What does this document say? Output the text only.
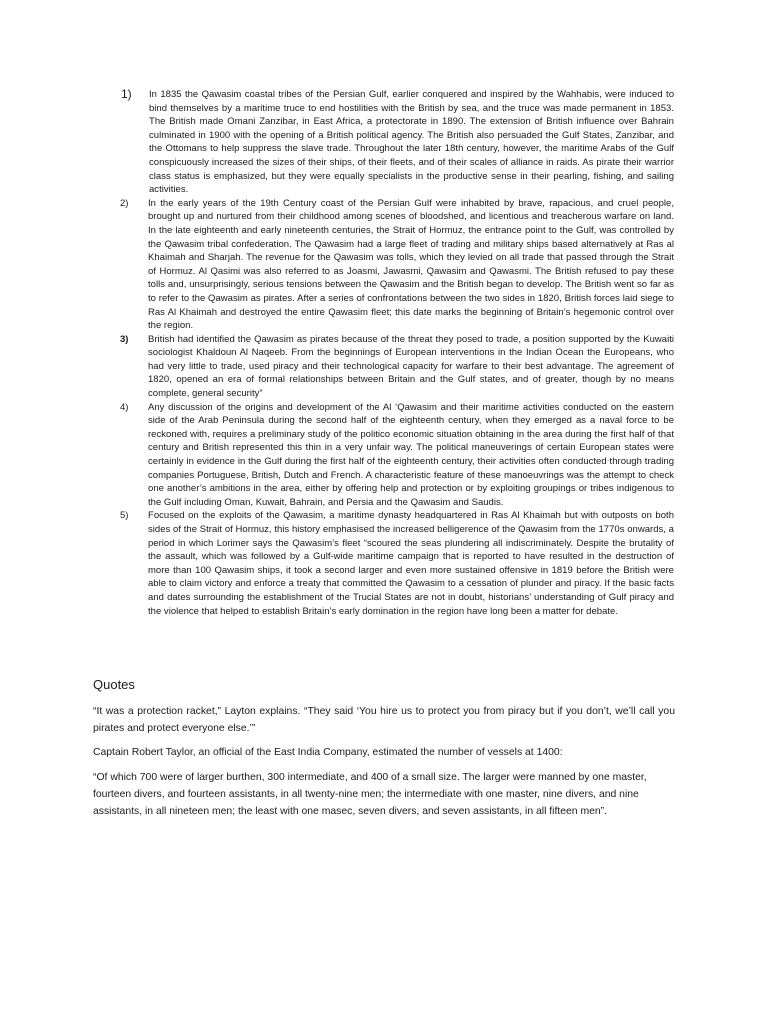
1)	In 1835 the Qawasim coastal tribes of the Persian Gulf, earlier conquered and inspired by the Wahhabis, were induced to bind themselves by a maritime truce to end hostilities with the British by sea, and the truce was made permanent in 1853. The British made Omani Zanzibar, in East Africa, a protectorate in 1890. The extension of British influence over Bahrain culminated in 1900 with the opening of a British political agency. The British also persuaded the Gulf States, Zanzibar, and the Ottomans to help suppress the slave trade. Throughout the later 18th century, however, the maritime Arabs of the Gulf conspicuously increased the sizes of their ships, of their fleets, and of their scales of alliance in raids. As pirate their warrior class status is emphasized, but they were equally specialists in the productive sense in their pearling, fishing, and sailing activities.
2)	In the early years of the 19th Century coast of the Persian Gulf were inhabited by brave, rapacious, and cruel people, brought up and nurtured from their childhood among scenes of bloodshed, and licentious and treacherous warfare on land. In the late eighteenth and early nineteenth centuries, the Strait of Hormuz, the entrance point to the Gulf, was controlled by the Qawasim tribal confederation. The Qawasim had a large fleet of trading and military ships based alternatively at Ras al Khaimah and Sharjah. The revenue for the Qawasim was tolls, which they levied on all trade that passed through the Strait of Hormuz. Al Qasimi was also referred to as Joasmi, Jawasmi, Qawasim and Qawasmi. The British refused to pay these tolls and, unsurprisingly, serious tensions between the Qawasim and the British began to develop. The British went so far as to refer to the Qawasim as pirates. After a series of confrontations between the two sides in 1820, British forces laid siege to Ras Al Khaimah and destroyed the entire Qawasim fleet; this date marks the beginning of Britain’s hegemonic control over the region.
3)	British had identified the Qawasim as pirates because of the threat they posed to trade, a position supported by the Kuwaiti sociologist Khaldoun Al Naqeeb. From the beginnings of European interventions in the Indian Ocean the Europeans, who had very little to trade, used piracy and their technological capacity for warfare to their best advantage. The agreement of 1820, opened an era of formal relationships between Britain and the Gulf states, and of greater, though by no means complete, general security”
4)	Any discussion of the origins and development of the Al ‘Qawasim and their maritime activities conducted on the eastern side of the Arab Peninsula during the second half of the eighteenth century, when they emerged as a naval force to be reckoned with, requires a preliminary study of the politico economic situation obtaining in the area during the first half of that century and British represented this thin in a very unfair way. The political maneuverings of certain European states were certainly in evidence in the Gulf during the first half of the eighteenth century, their activities often conducted through trading companies Portuguese, British, Dutch and French. A characteristic feature of these manoeuvrings was the attempt to check one another’s ambitions in the area, either by offering help and protection or by exploiting groupings or tribes indigenous to the Gulf including Oman, Kuwait, Bahrain, and Persia and the Qawasim and Saudis.
5)	Focused on the exploits of the Qawasim, a maritime dynasty headquartered in Ras Al Khaimah but with outposts on both sides of the Strait of Hormuz, this history emphasised the increased belligerence of the Qawasim from the 1770s onwards, a period in which Lorimer says the Qawasim’s fleet “scoured the seas plundering all indiscriminately. Despite the brutality of the assault, which was followed by a Gulf-wide maritime campaign that is reported to have resulted in the destruction of more than 100 Qawasim ships, it took a second larger and even more sustained offensive in 1819 before the British were able to claim victory and enforce a treaty that committed the Qawasim to a cessation of plunder and piracy. If the basic facts and dates surrounding the establishment of the Trucial States are not in doubt, historians’ understanding of Gulf piracy and the violence that helped to establish Britain’s early domination in the region have long been a matter for debate.
Quotes

“It was a protection racket,” Layton explains. “They said ‘You hire us to protect you from piracy but if you don’t, we’ll call you pirates and protect everyone else.’”

Captain Robert Taylor, an official of the East India Company, estimated the number of vessels at 1400:

“Of which 700 were of larger burthen, 300 intermediate, and 400 of a small size. The larger were manned by one master, fourteen divers, and fourteen assistants, in all twenty-nine men; the intermediate with one master, nine divers, and nine assistants, in all nineteen men; the least with one masec, seven divers, and seven assistants, in all fifteen men”.
